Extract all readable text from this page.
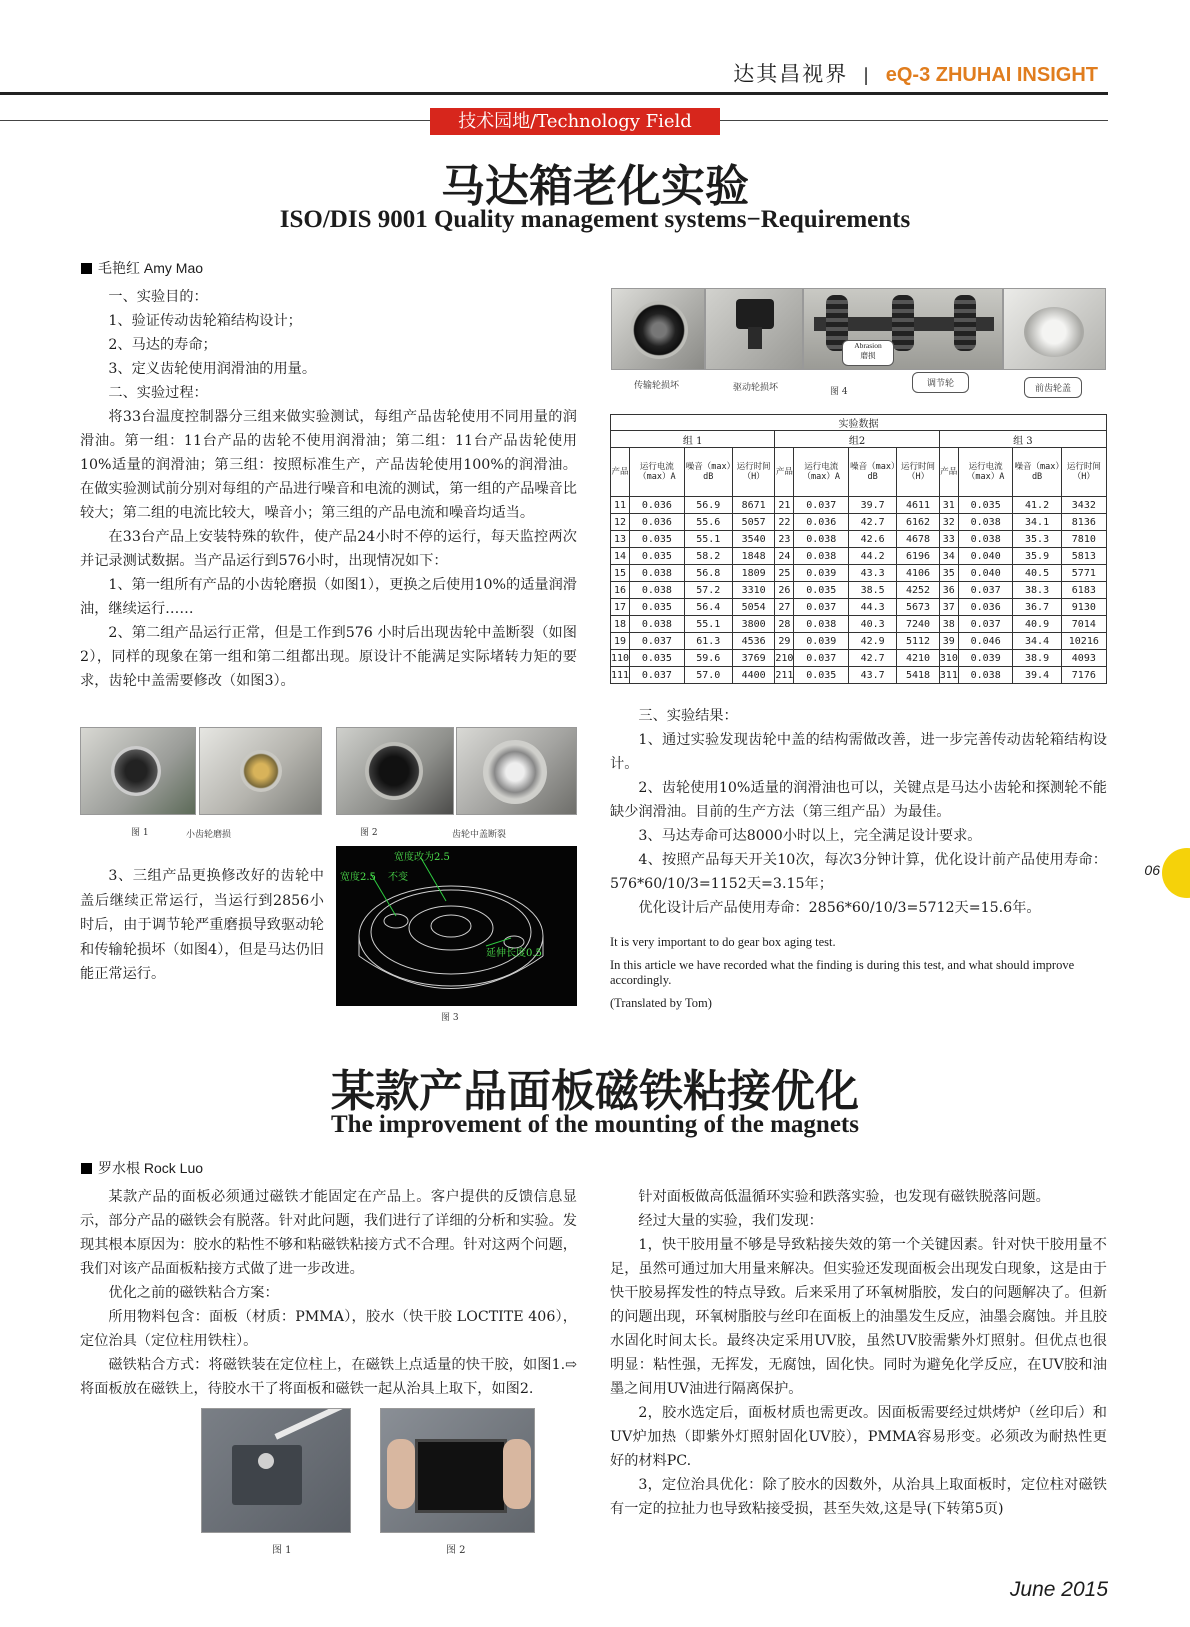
达其昌视界 | eQ-3 ZHUHAI INSIGHT
技术园地/Technology Field
马达箱老化实验
ISO/DIS 9001 Quality management systems−Requirements
毛艳红 Amy Mao

一、实验目的：

1、验证传动齿轮箱结构设计；

2、马达的寿命；

3、定义齿轮使用润滑油的用量。

二、实验过程：

将33台温度控制器分三组来做实验测试，每组产品齿轮使用不同用量的润滑油。第一组：11台产品的齿轮不使用润滑油；第二组：11台产品齿轮使用10%适量的润滑油；第三组：按照标准生产，产品齿轮使用100%的润滑油。在做实验测试前分别对每组的产品进行噪音和电流的测试，第一组的产品噪音比较大；第二组的电流比较大，噪音小；第三组的产品电流和噪音均适当。

在33台产品上安装特殊的软件，使产品24小时不停的运行，每天监控两次并记录测试数据。当产品运行到576小时，出现情况如下：

1、第一组所有产品的小齿轮磨损（如图1），更换之后使用10%的适量润滑油，继续运行……

2、第二组产品运行正常，但是工作到576 小时后出现齿轮中盖断裂（如图2），同样的现象在第一组和第二组都出现。原设计不能满足实际堵转力矩的要求，齿轮中盖需要修改（如图3）。

图 1	小齿轮磨损	图 2	齿轮中盖断裂

3、三组产品更换修改好的齿轮中盖后继续正常运行，当运行到2856小时后，由于调节轮严重磨损导致驱动轮和传输轮损坏（如图4），但是马达仍旧能正常运行。

宽度改为2.5
宽度2.5 不变
延伸长度0.5
图 3
Abrasion
磨损
传输轮损坏	驱动轮损坏	图 4
调节轮	前齿轮盖
实验数据											
组 1				组2				组 3			
产品	运行电流（max）A	噪音（max）dB	运行时间（H）	产品	运行电流（max）A	噪音（max）dB	运行时间（H）	产品	运行电流（max）A	噪音（max）dB	运行时间（H）
11	0.036	56.9	8671	21	0.037	39.7	4611	31	0.035	41.2	3432
12	0.036	55.6	5057	22	0.036	42.7	6162	32	0.038	34.1	8136
13	0.035	55.1	3540	23	0.038	42.6	4678	33	0.038	35.3	7810
14	0.035	58.2	1848	24	0.038	44.2	6196	34	0.040	35.9	5813
15	0.038	56.8	1809	25	0.039	43.3	4106	35	0.040	40.5	5771
16	0.038	57.2	3310	26	0.035	38.5	4252	36	0.037	38.3	6183
17	0.035	56.4	5054	27	0.037	44.3	5673	37	0.036	36.7	9130
18	0.038	55.1	3800	28	0.038	40.3	7240	38	0.037	40.9	7014
19	0.037	61.3	4536	29	0.039	42.9	5112	39	0.046	34.4	10216
110	0.035	59.6	3769	210	0.037	42.7	4210	310	0.039	38.9	4093
111	0.037	57.0	4400	211	0.035	43.7	5418	311	0.038	39.4	7176

三、实验结果：

1、通过实验发现齿轮中盖的结构需做改善，进一步完善传动齿轮箱结构设计。

2、齿轮使用10%适量的润滑油也可以，关键点是马达小齿轮和探测轮不能缺少润滑油。目前的生产方法（第三组产品）为最佳。

3、马达寿命可达8000小时以上，完全满足设计要求。

4、按照产品每天开关10次，每次3分钟计算，优化设计前产品使用寿命：576*60/10/3=1152天=3.15年；

优化设计后产品使用寿命：2856*60/10/3=5712天=15.6年。

It is very important to do gear box aging test.

In this article we have recorded what the finding is during this test, and what should improve accordingly.

(Translated by Tom)

某款产品面板磁铁粘接优化
The improvement of the mounting of the magnets
罗水根 Rock Luo

某款产品的面板必须通过磁铁才能固定在产品上。客户提供的反馈信息显示，部分产品的磁铁会有脱落。针对此问题，我们进行了详细的分析和实验。发现其根本原因为：胶水的粘性不够和粘磁铁粘接方式不合理。针对这两个问题，我们对该产品面板粘接方式做了进一步改进。

优化之前的磁铁粘合方案：

所用物料包含：面板（材质：PMMA），胶水（快干胶 LOCTITE 406），定位治具（定位柱用铁柱）。

磁铁粘合方式：将磁铁装在定位柱上，在磁铁上点适量的快干胶，如图1.⇨将面板放在磁铁上，待胶水干了将面板和磁铁一起从治具上取下，如图2.

图 1	图 2

针对面板做高低温循环实验和跌落实验，也发现有磁铁脱落问题。

经过大量的实验，我们发现：

1，快干胶用量不够是导致粘接失效的第一个关键因素。针对快干胶用量不足，虽然可通过加大用量来解决。但实验还发现面板会出现发白现象，这是由于快干胶易挥发性的特点导致。后来采用了环氧树脂胶，发白的问题解决了。但新的问题出现，环氧树脂胶与丝印在面板上的油墨发生反应，油墨会腐蚀。并且胶水固化时间太长。最终决定采用UV胶，虽然UV胶需紫外灯照射。但优点也很明显：粘性强，无挥发，无腐蚀，固化快。同时为避免化学反应，在UV胶和油墨之间用UV油进行隔离保护。

2，胶水选定后，面板材质也需更改。因面板需要经过烘烤炉（丝印后）和UV炉加热（即紫外灯照射固化UV胶），PMMA容易形变。必须改为耐热性更好的材料PC.

3，定位治具优化：除了胶水的因数外，从治具上取面板时，定位柱对磁铁有一定的拉扯力也导致粘接受损，甚至失效,这是导(下转第5页)

06
June 2015
